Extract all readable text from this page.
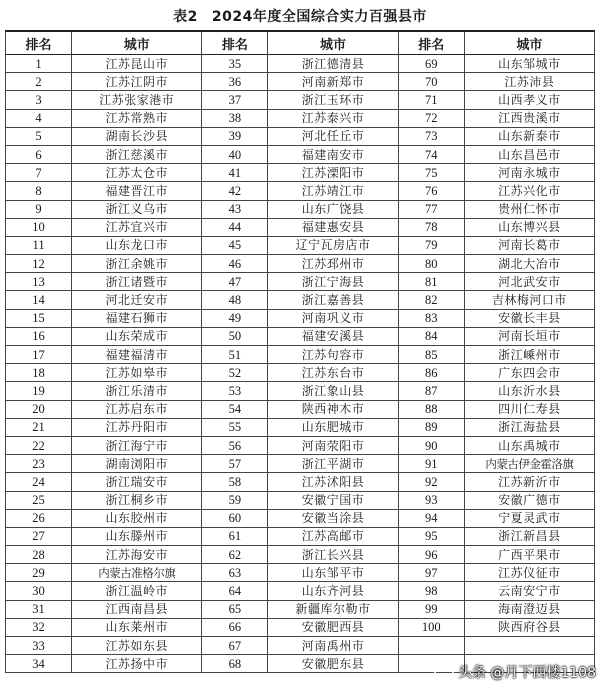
表2 2024年度全国综合实力百强县市
排名	城市	排名	城市	排名	城市
1	江苏昆山市	35	浙江德清县	69	山东邹城市
2	江苏江阴市	36	河南新郑市	70	江苏沛县
3	江苏张家港市	37	浙江玉环市	71	山西孝义市
4	江苏常熟市	38	江苏泰兴市	72	江西贵溪市
5	湖南长沙县	39	河北任丘市	73	山东新泰市
6	浙江慈溪市	40	福建南安市	74	山东昌邑市
7	江苏太仓市	41	江苏溧阳市	75	河南永城市
8	福建晋江市	42	江苏靖江市	76	江苏兴化市
9	浙江义乌市	43	山东广饶县	77	贵州仁怀市
10	江苏宜兴市	44	福建惠安县	78	山东博兴县
11	山东龙口市	45	辽宁瓦房店市	79	河南长葛市
12	浙江余姚市	46	江苏邳州市	80	湖北大冶市
13	浙江诸暨市	47	浙江宁海县	81	河北武安市
14	河北迁安市	48	浙江嘉善县	82	吉林梅河口市
15	福建石狮市	49	河南巩义市	83	安徽长丰县
16	山东荣成市	50	福建安溪县	84	河南长垣市
17	福建福清市	51	江苏句容市	85	浙江嵊州市
18	江苏如皋市	52	江苏东台市	86	广东四会市
19	浙江乐清市	53	浙江象山县	87	山东沂水县
20	江苏启东市	54	陕西神木市	88	四川仁寿县
21	江苏丹阳市	55	山东肥城市	89	浙江海盐县
22	浙江海宁市	56	河南荥阳市	90	山东禹城市
23	湖南浏阳市	57	浙江平湖市	91	内蒙古伊金霍洛旗
24	浙江瑞安市	58	江苏沭阳县	92	江苏新沂市
25	浙江桐乡市	59	安徽宁国市	93	安徽广德市
26	山东胶州市	60	安徽当涂县	94	宁夏灵武市
27	山东滕州市	61	江苏高邮市	95	浙江新昌县
28	江苏海安市	62	浙江长兴县	96	广西平果市
29	内蒙古准格尔旗	63	山东邹平市	97	江苏仪征市
30	浙江温岭市	64	山东齐河县	98	云南安宁市
31	江西南昌县	65	新疆库尔勒市	99	海南澄迈县
32	山东莱州市	66	安徽肥西县	100	陕西府谷县
33	江苏如东县	67	河南禹州市		
34	江苏扬中市	68	安徽肥东县		
头条 @月下西楼1108
